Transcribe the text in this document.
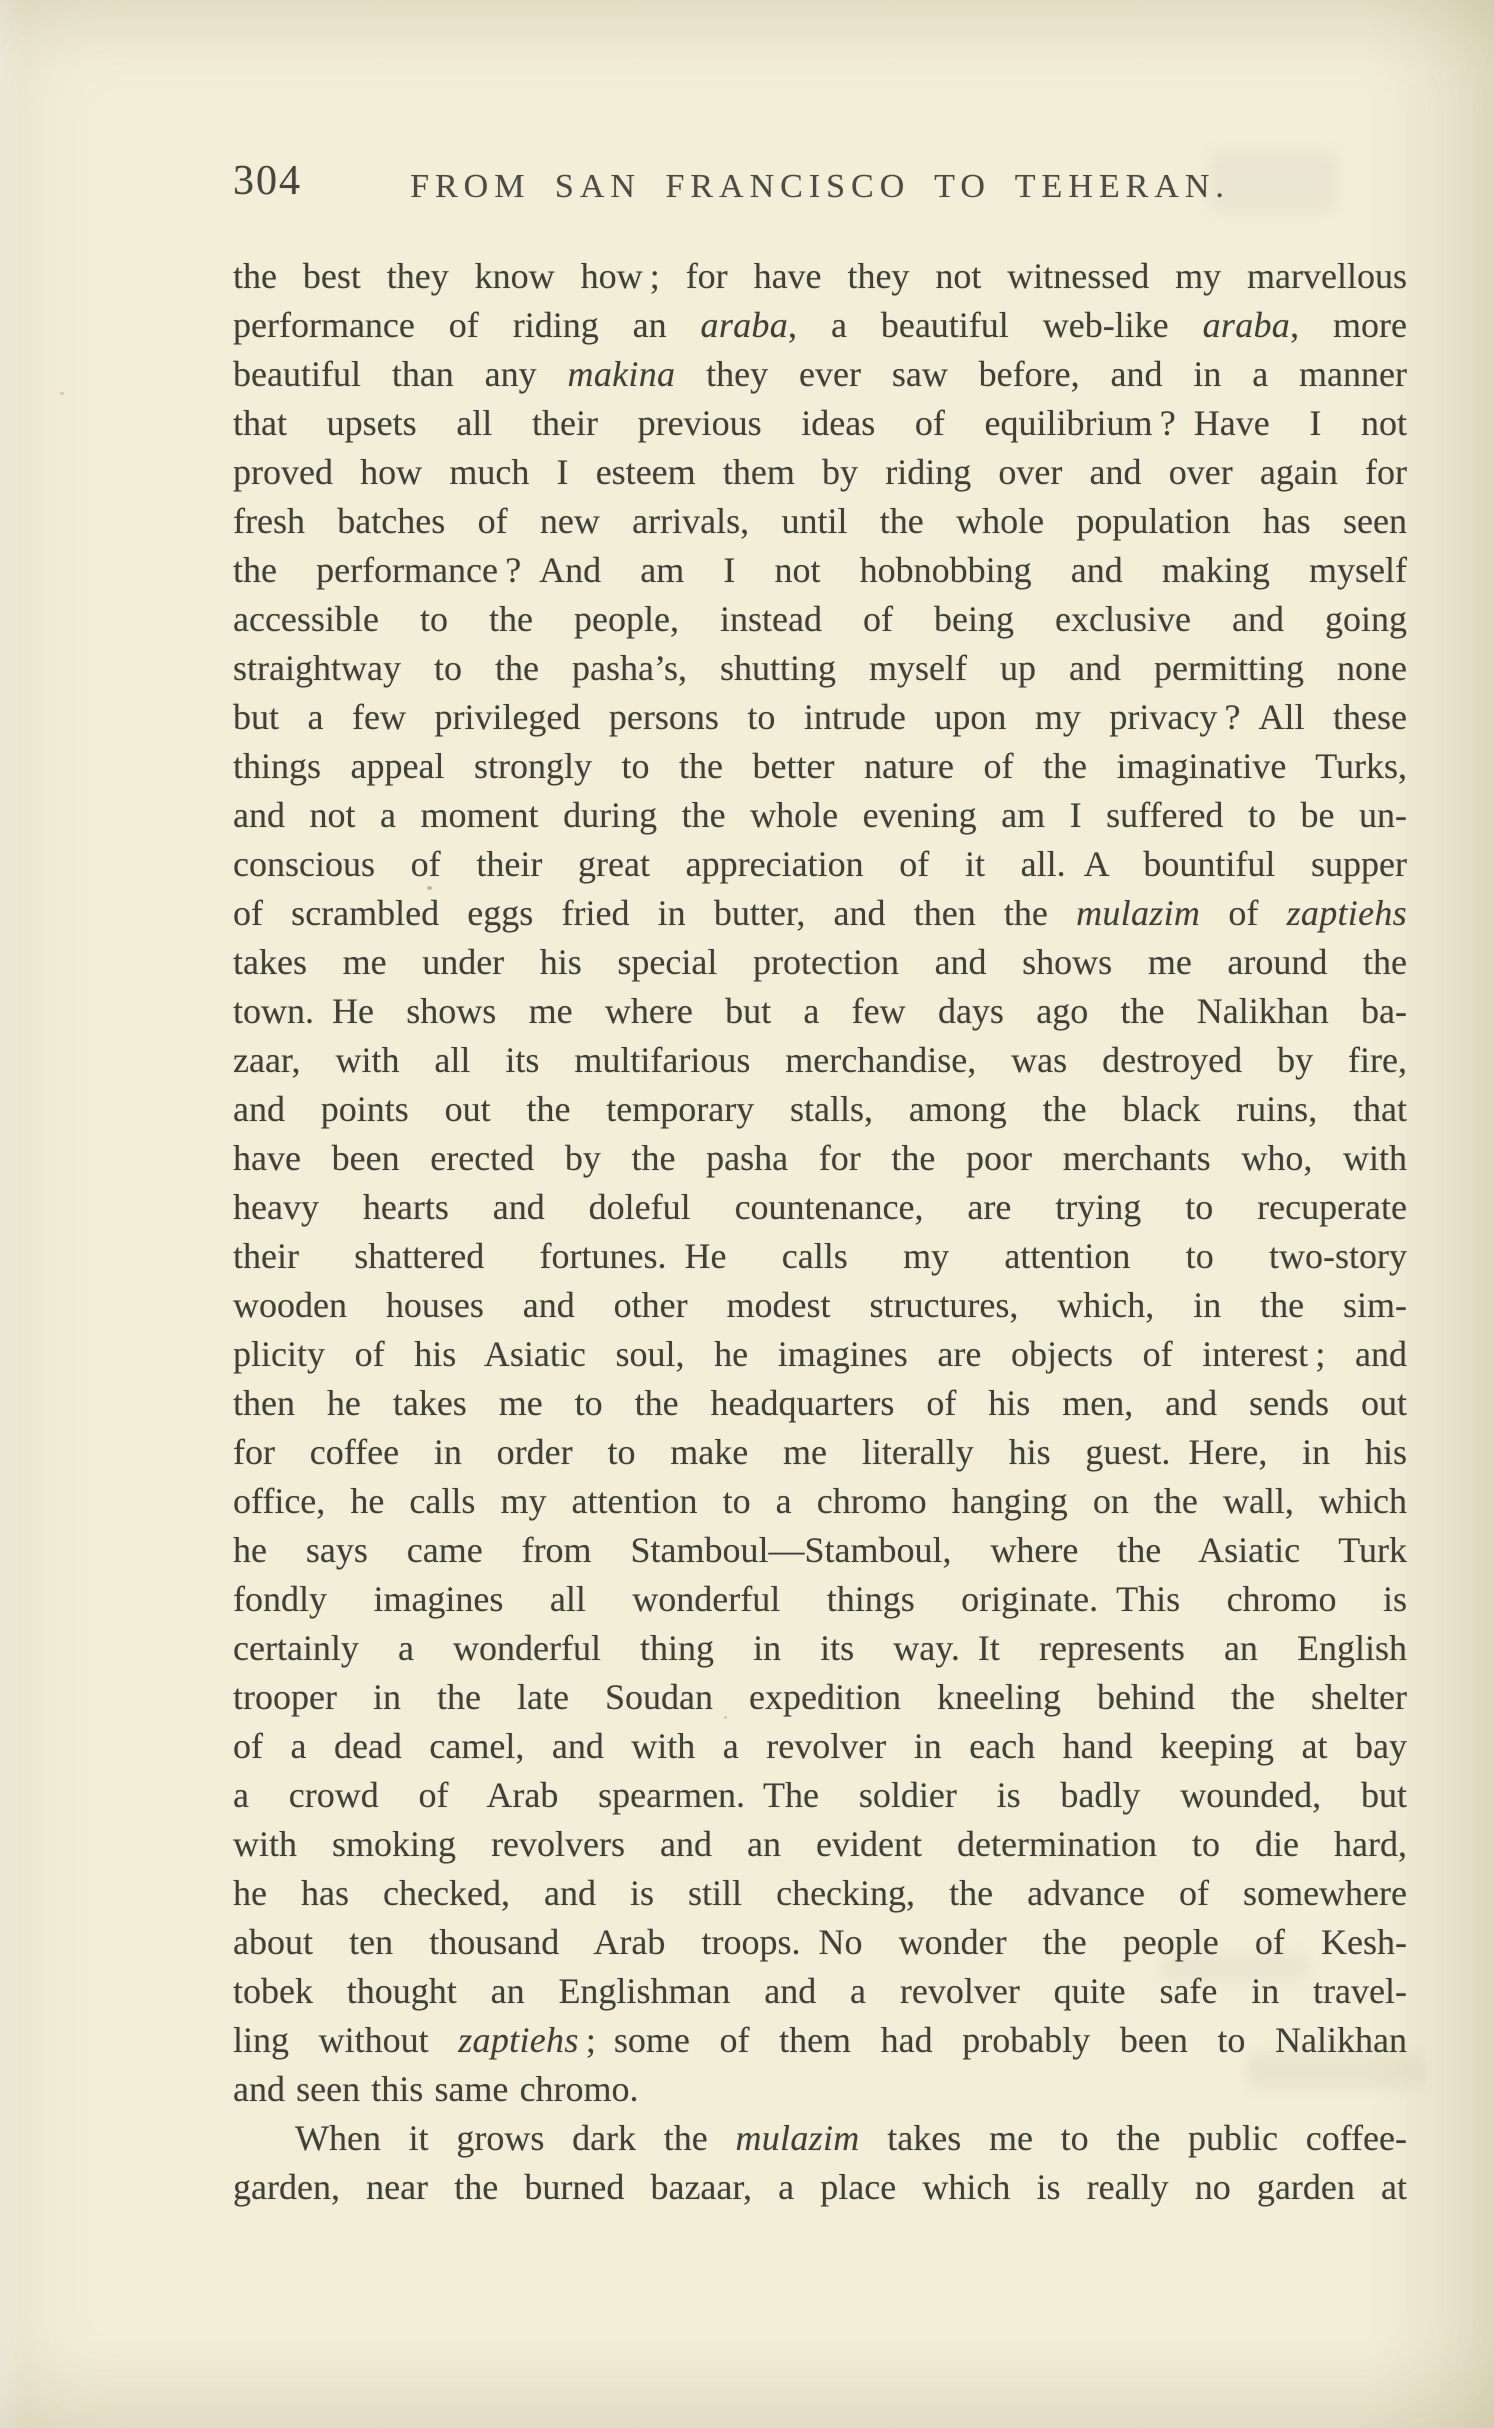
304	FROM SAN FRANCISCO TO TEHERAN.
the best they know how ; for have they not witnessed my marvellous
performance of riding an araba, a beautiful web-like araba, more
beautiful than any makina they ever saw before, and in a manner
that upsets all their previous ideas of equilibrium ? Have I not
proved how much I esteem them by riding over and over again for
fresh batches of new arrivals, until the whole population has seen
the performance ? And am I not hobnobbing and making myself
accessible to the people, instead of being exclusive and going
straightway to the pasha’s, shutting myself up and permitting none
but a few privileged persons to intrude upon my privacy ? All these
things appeal strongly to the better nature of the imaginative Turks,
and not a moment during the whole evening am I suffered to be un-
conscious of their great appreciation of it all. A bountiful supper
of scrambled eggs fried in butter, and then the mulazim of zaptiehs
takes me under his special protection and shows me around the
town. He shows me where but a few days ago the Nalikhan ba-
zaar, with all its multifarious merchandise, was destroyed by fire,
and points out the temporary stalls, among the black ruins, that
have been erected by the pasha for the poor merchants who, with
heavy hearts and doleful countenance, are trying to recuperate
their shattered fortunes. He calls my attention to two-story
wooden houses and other modest structures, which, in the sim-
plicity of his Asiatic soul, he imagines are objects of interest ; and
then he takes me to the headquarters of his men, and sends out
for coffee in order to make me literally his guest. Here, in his
office, he calls my attention to a chromo hanging on the wall, which
he says came from Stamboul—Stamboul, where the Asiatic Turk
fondly imagines all wonderful things originate. This chromo is
certainly a wonderful thing in its way. It represents an English
trooper in the late Soudan expedition kneeling behind the shelter
of a dead camel, and with a revolver in each hand keeping at bay
a crowd of Arab spearmen. The soldier is badly wounded, but
with smoking revolvers and an evident determination to die hard,
he has checked, and is still checking, the advance of somewhere
about ten thousand Arab troops. No wonder the people of Kesh-
tobek thought an Englishman and a revolver quite safe in travel-
ling without zaptiehs ; some of them had probably been to Nalikhan
and seen this same chromo.
When it grows dark the mulazim takes me to the public coffee-
garden, near the burned bazaar, a place which is really no garden at
